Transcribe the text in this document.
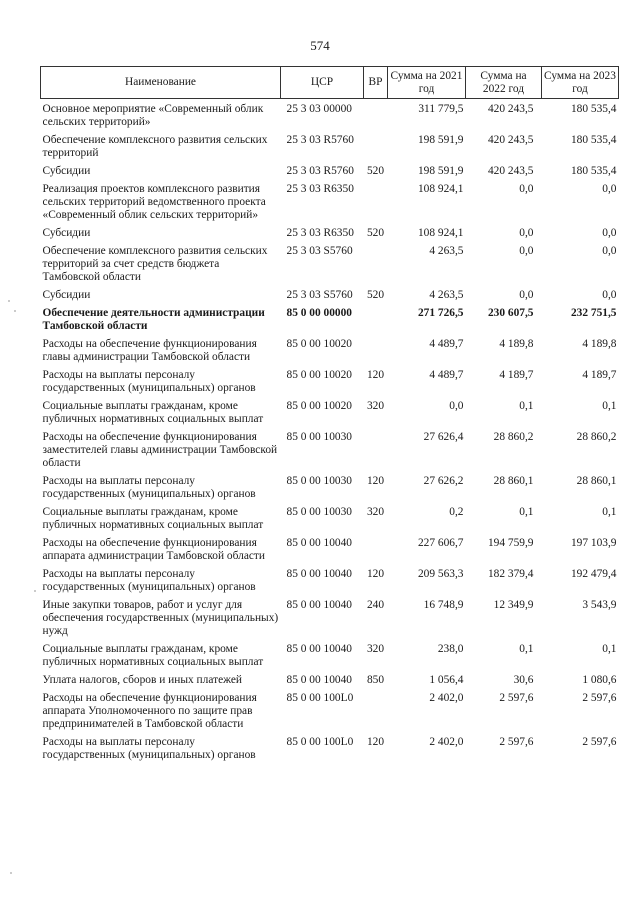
574
Наименование	ЦСР	ВР	Сумма на 2021 год	Сумма на 2022 год	Сумма на 2023 год
Основное мероприятие «Современный облик сельских территорий»	25 3 03 00000		311 779,5	420 243,5	180 535,4
Обеспечение комплексного развития сельских территорий	25 3 03 R5760		198 591,9	420 243,5	180 535,4
Субсидии	25 3 03 R5760	520	198 591,9	420 243,5	180 535,4
Реализация проектов комплексного развития сельских территорий ведомственного проекта «Современный облик сельских территорий»	25 3 03 R6350		108 924,1	0,0	0,0
Субсидии	25 3 03 R6350	520	108 924,1	0,0	0,0
Обеспечение комплексного развития сельских территорий за счет средств бюджета Тамбовской области	25 3 03 S5760		4 263,5	0,0	0,0
Субсидии	25 3 03 S5760	520	4 263,5	0,0	0,0
Обеспечение деятельности администрации Тамбовской области	85 0 00 00000		271 726,5	230 607,5	232 751,5
Расходы на обеспечение функционирования главы администрации Тамбовской области	85 0 00 10020		4 489,7	4 189,8	4 189,8
Расходы на выплаты персоналу государственных (муниципальных) органов	85 0 00 10020	120	4 489,7	4 189,7	4 189,7
Социальные выплаты гражданам, кроме публичных нормативных социальных выплат	85 0 00 10020	320	0,0	0,1	0,1
Расходы на обеспечение функционирования заместителей главы администрации Тамбовской области	85 0 00 10030		27 626,4	28 860,2	28 860,2
Расходы на выплаты персоналу государственных (муниципальных) органов	85 0 00 10030	120	27 626,2	28 860,1	28 860,1
Социальные выплаты гражданам, кроме публичных нормативных социальных выплат	85 0 00 10030	320	0,2	0,1	0,1
Расходы на обеспечение функционирования аппарата администрации Тамбовской области	85 0 00 10040		227 606,7	194 759,9	197 103,9
Расходы на выплаты персоналу государственных (муниципальных) органов	85 0 00 10040	120	209 563,3	182 379,4	192 479,4
Иные закупки товаров, работ и услуг для обеспечения государственных (муниципальных) нужд	85 0 00 10040	240	16 748,9	12 349,9	3 543,9
Социальные выплаты гражданам, кроме публичных нормативных социальных выплат	85 0 00 10040	320	238,0	0,1	0,1
Уплата налогов, сборов и иных платежей	85 0 00 10040	850	1 056,4	30,6	1 080,6
Расходы на обеспечение функционирования аппарата Уполномоченного по защите прав предпринимателей в Тамбовской области	85 0 00 100L0		2 402,0	2 597,6	2 597,6
Расходы на выплаты персоналу государственных (муниципальных) органов	85 0 00 100L0	120	2 402,0	2 597,6	2 597,6
